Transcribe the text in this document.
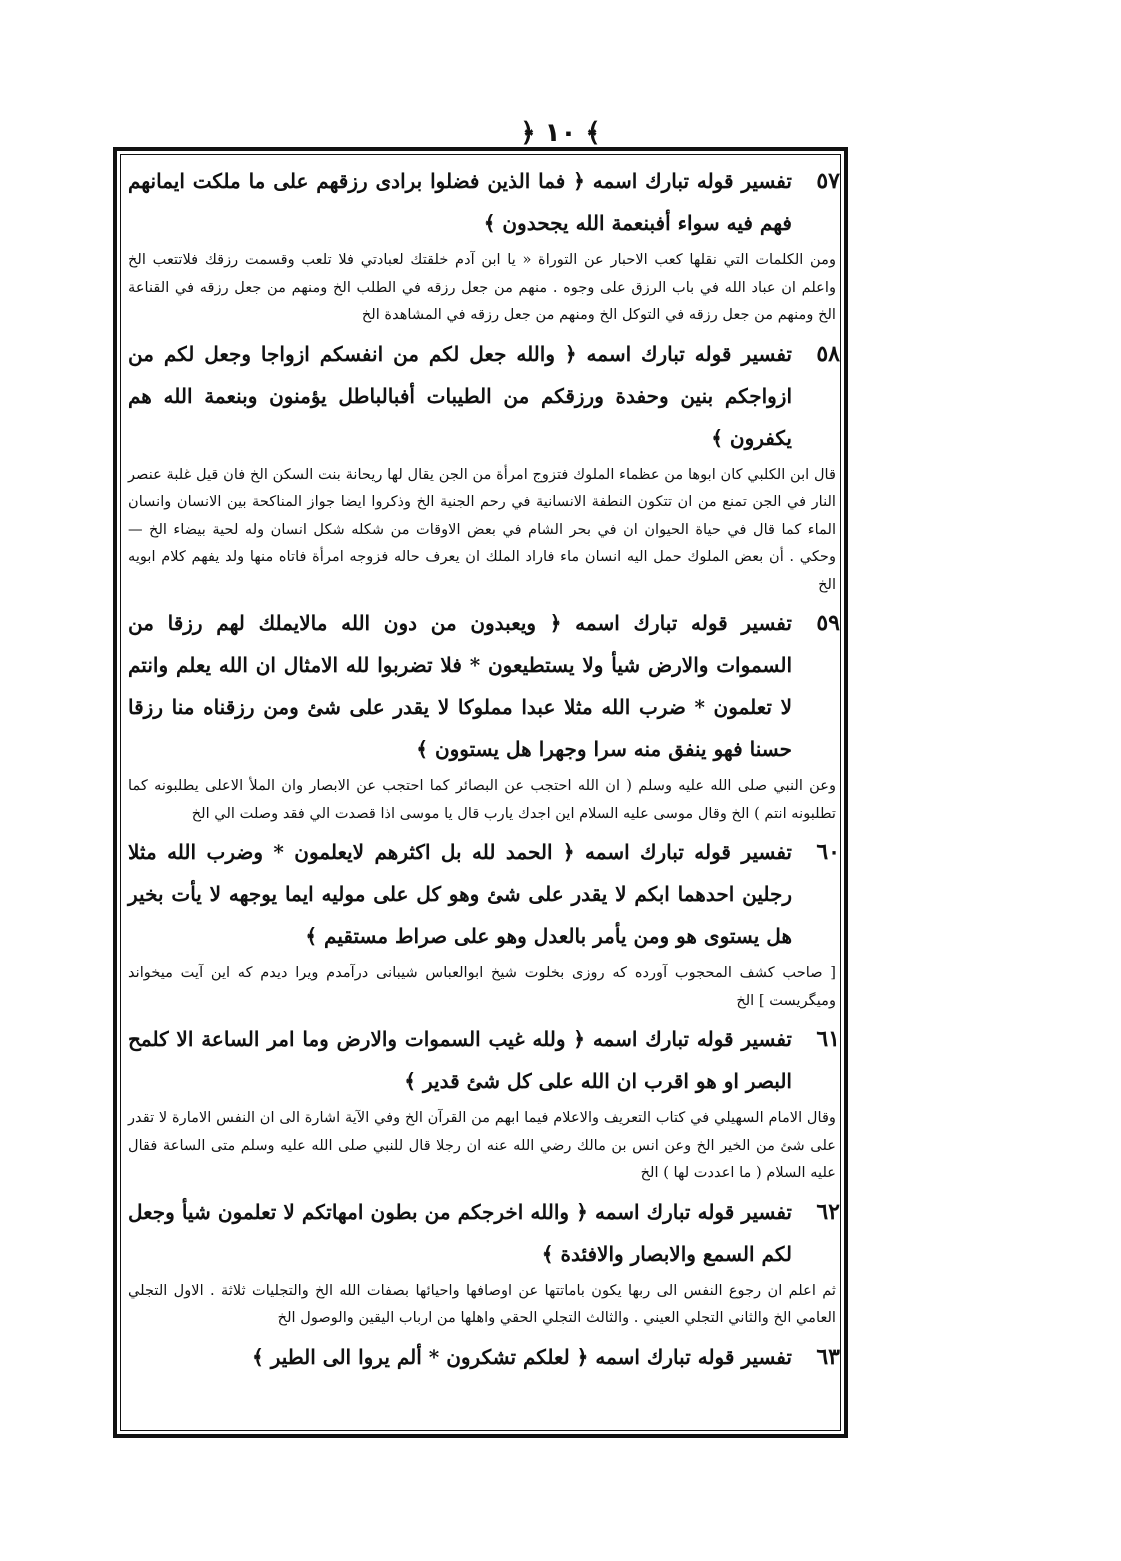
﴿ ١٠ ﴾

٥٧
تفسير قوله تبارك اسمه ﴿ فما الذين فضلوا برادى رزقهم على ما ملكت ايمانهم فهم فيه سواء أفبنعمة الله يجحدون ﴾

ومن الكلمات التي نقلها كعب الاحبار عن التوراة « يا ابن آدم خلقتك لعبادتي فلا تلعب وقسمت رزقك فلاتتعب الخ واعلم ان عباد الله في باب الرزق على وجوه . منهم من جعل رزقه في الطلب الخ ومنهم من جعل رزقه في القناعة الخ ومنهم من جعل رزقه في التوكل الخ ومنهم من جعل رزقه في المشاهدة الخ

٥٨
تفسير قوله تبارك اسمه ﴿ والله جعل لكم من انفسكم ازواجا وجعل لكم من ازواجكم بنين وحفدة ورزقكم من الطيبات أفبالباطل يؤمنون وبنعمة الله هم يكفرون ﴾

قال ابن الكلبي كان ابوها من عظماء الملوك فتزوج امرأة من الجن يقال لها ريحانة بنت السكن الخ فان قيل غلبة عنصر النار في الجن تمنع من ان تتكون النطفة الانسانية في رحم الجنية الخ وذكروا ايضا جواز المناكحة بين الانسان وانسان الماء كما قال في حياة الحيوان ان في بحر الشام في بعض الاوقات من شكله شكل انسان وله لحية بيضاء الخ — وحكي . أن بعض الملوك حمل اليه انسان ماء فاراد الملك ان يعرف حاله فزوجه امرأة فاتاه منها ولد يفهم كلام ابويه الخ

٥٩
تفسير قوله تبارك اسمه ﴿ ويعبدون من دون الله مالايملك لهم رزقا من السموات والارض شيأ ولا يستطيعون * فلا تضربوا لله الامثال ان الله يعلم وانتم لا تعلمون * ضرب الله مثلا عبدا مملوكا لا يقدر على شئ ومن رزقناه منا رزقا حسنا فهو ينفق منه سرا وجهرا هل يستوون ﴾

وعن النبي صلى الله عليه وسلم ( ان الله احتجب عن البصائر كما احتجب عن الابصار وان الملأ الاعلى يطلبونه كما تطلبونه انتم ) الخ وقال موسى عليه السلام اين اجدك يارب قال يا موسى اذا قصدت الي فقد وصلت الي الخ

٦٠
تفسير قوله تبارك اسمه ﴿ الحمد لله بل اكثرهم لايعلمون * وضرب الله مثلا رجلين احدهما ابكم لا يقدر على شئ وهو كل على موليه ايما يوجهه لا يأت بخير هل يستوى هو ومن يأمر بالعدل وهو على صراط مستقيم ﴾

[ صاحب كشف المحجوب آورده كه روزى بخلوت شيخ ابوالعباس شيبانى درآمدم ويرا ديدم كه اين آيت ميخواند وميگريست ] الخ

٦١
تفسير قوله تبارك اسمه ﴿ ولله غيب السموات والارض وما امر الساعة الا كلمح البصر او هو اقرب ان الله على كل شئ قدير ﴾

وقال الامام السهيلي في كتاب التعريف والاعلام فيما ابهم من القرآن الخ وفي الآية اشارة الى ان النفس الامارة لا تقدر على شئ من الخير الخ وعن انس بن مالك رضي الله عنه ان رجلا قال للنبي صلى الله عليه وسلم متى الساعة فقال عليه السلام ( ما اعددت لها ) الخ

٦٢
تفسير قوله تبارك اسمه ﴿ والله اخرجكم من بطون امهاتكم لا تعلمون شيأ وجعل لكم السمع والابصار والافئدة ﴾

ثم اعلم ان رجوع النفس الى ربها يكون باماتتها عن اوصافها واحيائها بصفات الله الخ والتجليات ثلاثة . الاول التجلي العامي الخ والثاني التجلي العيني . والثالث التجلي الحقي واهلها من ارباب اليقين والوصول الخ

٦٣
تفسير قوله تبارك اسمه ﴿ لعلكم تشكرون * ألم يروا الى الطير ﴾
